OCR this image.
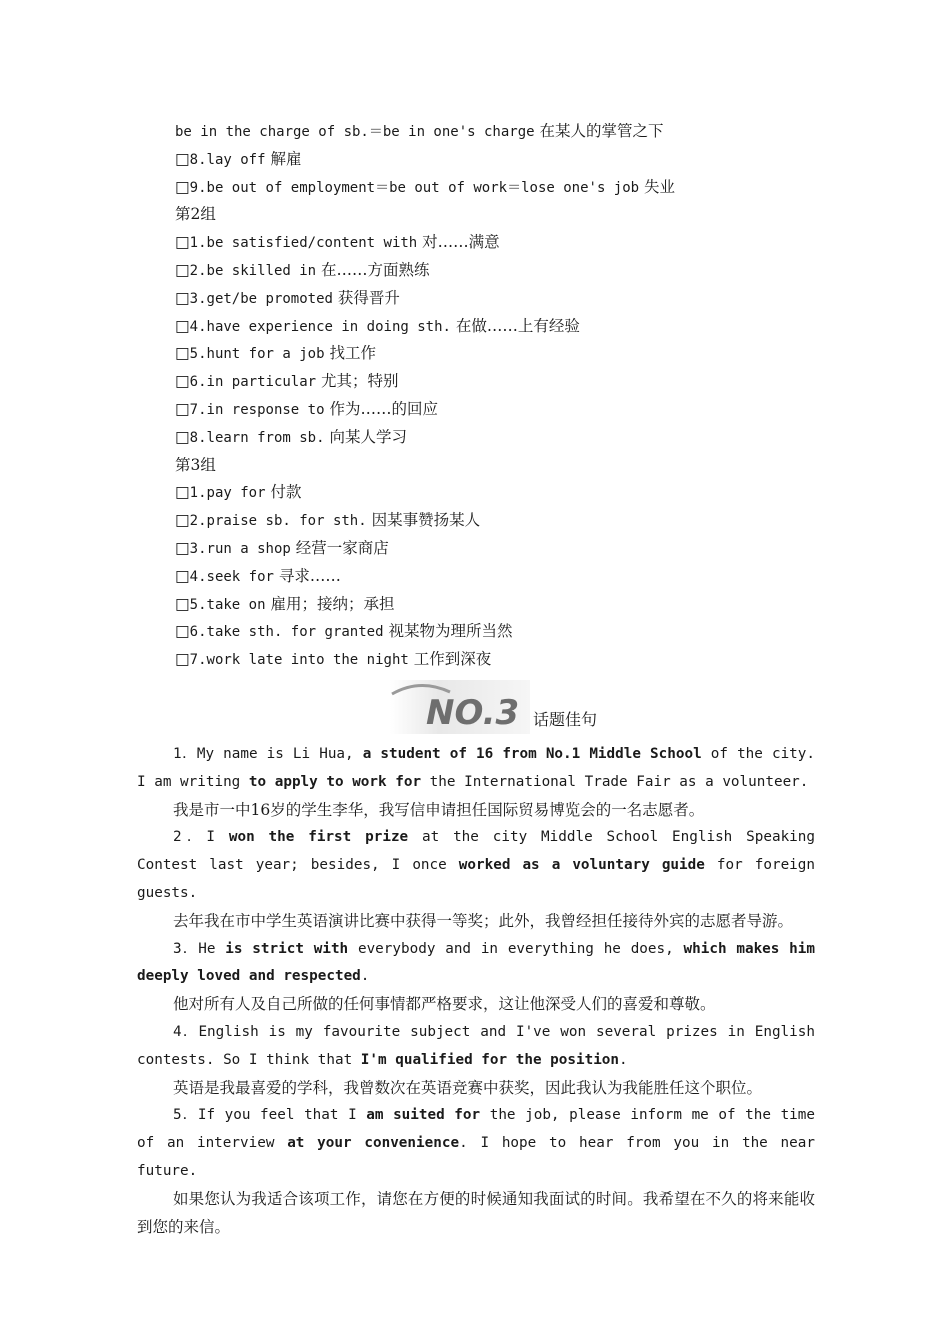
be in the charge of sb.＝be in one's charge 在某人的掌管之下
□8.lay off 解雇
□9.be out of employment＝be out of work＝lose one's job 失业
第2组
□1.be satisfied/content with 对……满意
□2.be skilled in 在……方面熟练
□3.get/be promoted 获得晋升
□4.have experience in doing sth. 在做……上有经验
□5.hunt for a job 找工作
□6.in particular 尤其；特别
□7.in response to 作为……的回应
□8.learn from sb. 向某人学习
第3组
□1.pay for 付款
□2.praise sb. for sth. 因某事赞扬某人
□3.run a shop 经营一家商店
□4.seek for 寻求……
□5.take on 雇用；接纳；承担
□6.take sth. for granted 视某物为理所当然
□7.work late into the night 工作到深夜
NO.3 话题佳句

1．My name is Li Hua, a student of 16 from No.1 Middle School of the city. I am writing to apply to work for the International Trade Fair as a volunteer.

我是市一中16岁的学生李华，我写信申请担任国际贸易博览会的一名志愿者。

2．I won the first prize at the city Middle School English Speaking Contest last year; besides, I once worked as a voluntary guide for foreign guests.

去年我在市中学生英语演讲比赛中获得一等奖；此外，我曾经担任接待外宾的志愿者导游。

3．He is strict with everybody and in everything he does, which makes him deeply loved and respected.

他对所有人及自己所做的任何事情都严格要求，这让他深受人们的喜爱和尊敬。

4．English is my favourite subject and I've won several prizes in English contests. So I think that I'm qualified for the position.

英语是我最喜爱的学科，我曾数次在英语竞赛中获奖，因此我认为我能胜任这个职位。

5．If you feel that I am suited for the job, please inform me of the time of an interview at your convenience. I hope to hear from you in the near future.

如果您认为我适合该项工作，请您在方便的时候通知我面试的时间。我希望在不久的将来能收到您的来信。
